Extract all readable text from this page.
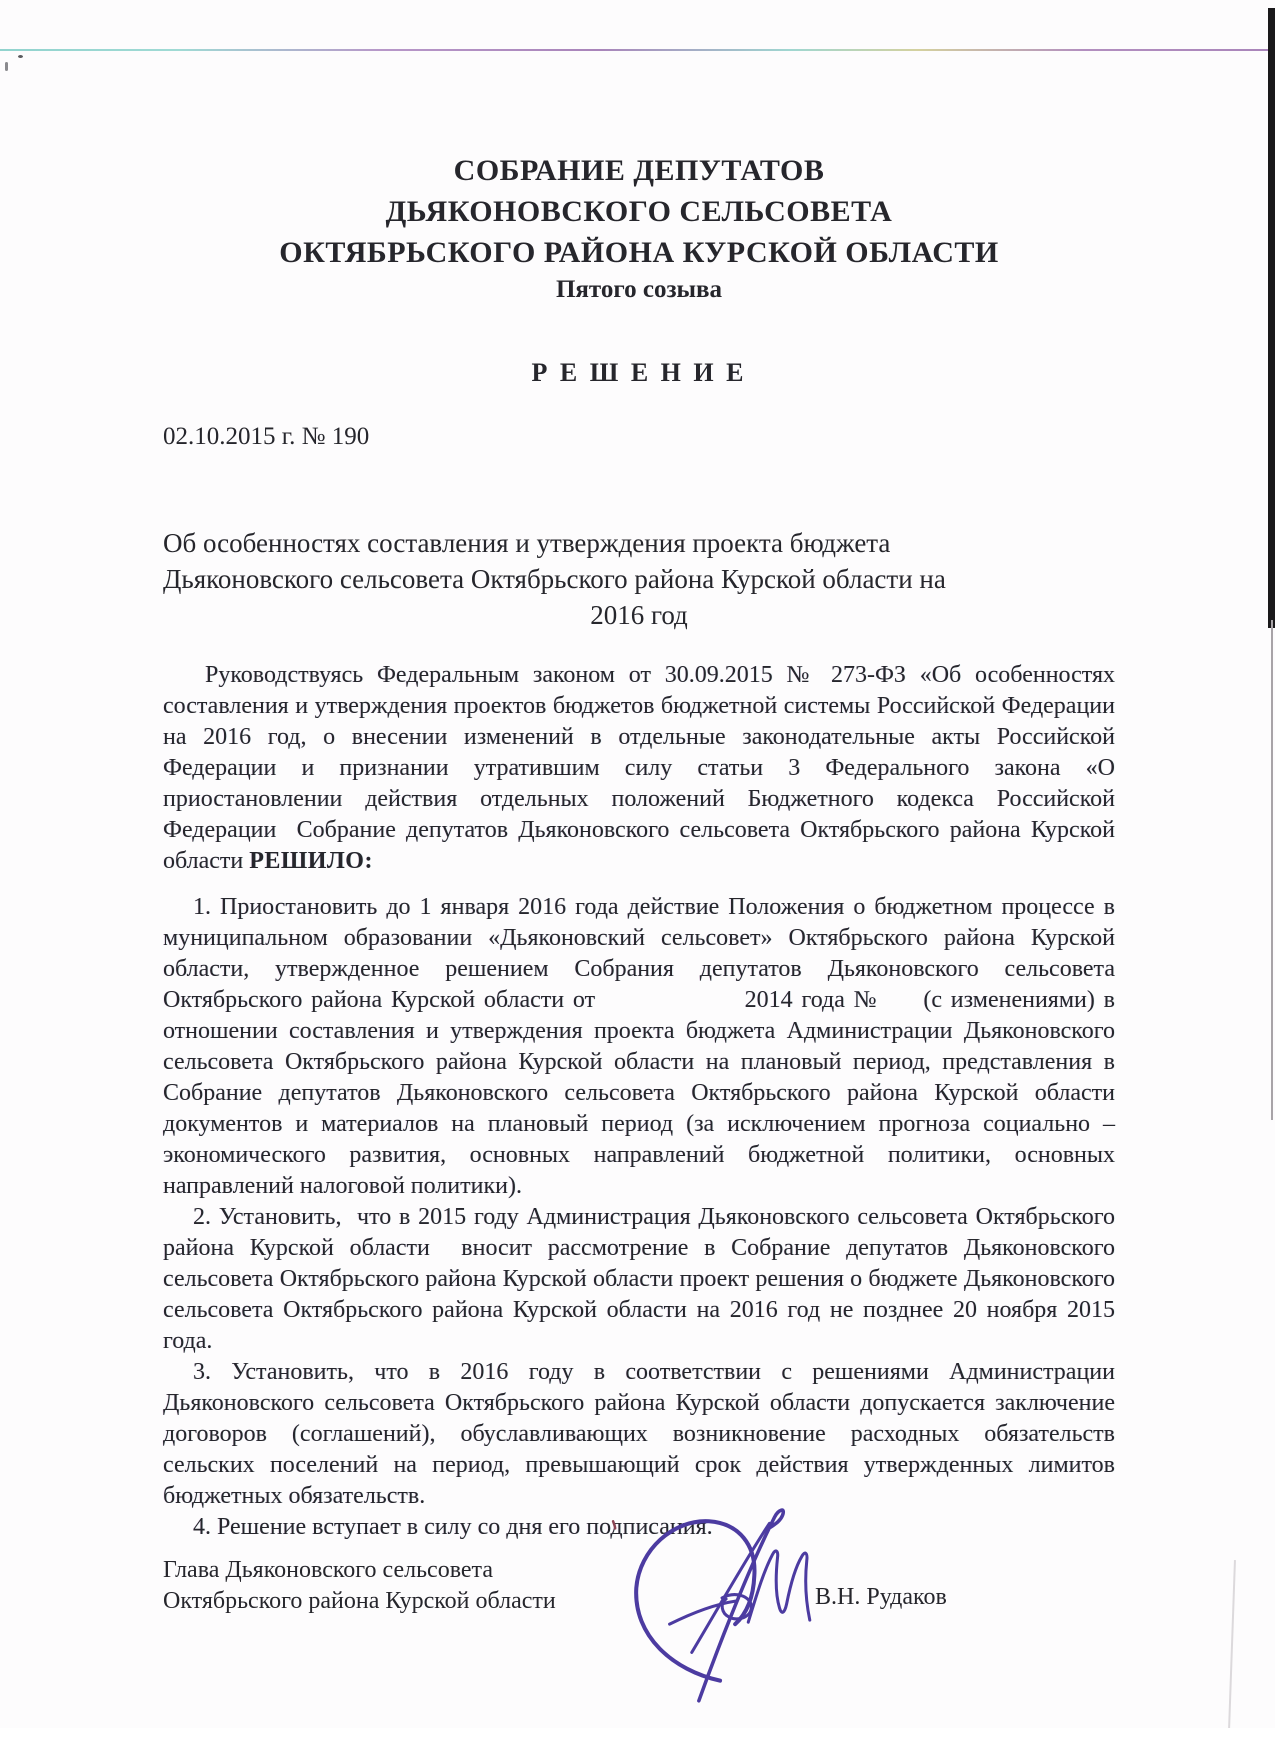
СОБРАНИЕ ДЕПУТАТОВ
ДЬЯКОНОВСКОГО СЕЛЬСОВЕТА
ОКТЯБРЬСКОГО РАЙОНА КУРСКОЙ ОБЛАСТИ
Пятого созыва
Р Е Ш Е Н И Е
02.10.2015 г. № 190
Об особенностях составления и утверждения проекта бюджета
Дьяконовского сельсовета Октябрьского района Курской области на
2016 год

Руководствуясь Федеральным законом от 30.09.2015 № 273-ФЗ «Об особенностях составления и утверждения проектов бюджетов бюджетной системы Российской Федерации на 2016 год, о внесении изменений в отдельные законодательные акты Российской Федерации и признании утратившим силу статьи 3 Федерального закона «О приостановлении действия отдельных положений Бюджетного кодекса Российской Федерации  Собрание депутатов Дьяконовского сельсовета Октябрьского района Курской области РЕШИЛО:

1. Приостановить до 1 января 2016 года действие Положения о бюджетном процессе в муниципальном образовании «Дьяконовский сельсовет» Октябрьского района Курской области, утвержденное решением Собрания депутатов Дьяконовского сельсовета Октябрьского района Курской области от                 2014 года №     (с изменениями) в отношении составления и утверждения проекта бюджета Администрации Дьяконовского сельсовета Октябрьского района Курской области на плановый период, представления в Собрание депутатов Дьяконовского сельсовета Октябрьского района Курской области документов и материалов на плановый период (за исключением прогноза социально – экономического развития, основных направлений бюджетной политики, основных направлений налоговой политики).

2. Установить,  что в 2015 году Администрация Дьяконовского сельсовета Октябрьского района Курской области  вносит рассмотрение в Собрание депутатов Дьяконовского сельсовета Октябрьского района Курской области проект решения о бюджете Дьяконовского сельсовета Октябрьского района Курской области на 2016 год не позднее 20 ноября 2015 года.

3. Установить, что в 2016 году в соответствии с решениями Администрации Дьяконовского сельсовета Октябрьского района Курской области допускается заключение договоров (соглашений), обуславливающих возникновение расходных обязательств сельских поселений на период, превышающий срок действия утвержденных лимитов бюджетных обязательств.

4. Решение вступает в силу со дня его подписания.

Глава Дьяконовского сельсовета
Октябрьского района Курской области	В.Н. Рудаков
